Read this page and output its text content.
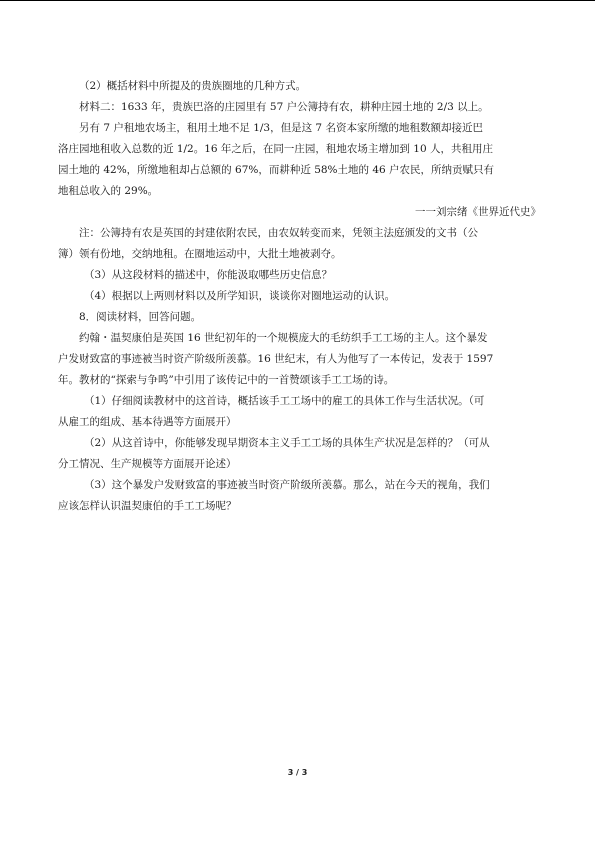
（2）概括材料中所提及的贵族圈地的几种方式。
材料二：1633 年，贵族巴洛的庄园里有 57 户公簿持有农，耕种庄园土地的 2/3 以上。
另有 7 户租地农场主，租用土地不足 1/3，但是这 7 名资本家所缴的地租数额却接近巴
洛庄园地租收入总数的近 1/2。16 年之后，在同一庄园，租地农场主增加到 10 人，共租用庄
园土地的 42%，所缴地租却占总额的 67%，而耕种近 58%土地的 46 户农民，所纳贡赋只有
地租总收入的 29%。
一一刘宗绪《世界近代史》
注：公簿持有农是英国的封建依附农民，由农奴转变而来，凭领主法庭颁发的文书（公
簿）领有份地，交纳地租。在圈地运动中，大批土地被剥夺。
（3）从这段材料的描述中，你能汲取哪些历史信息？
（4）根据以上两则材料以及所学知识，谈谈你对圈地运动的认识。
8．阅读材料，回答问题。
约翰・温契康伯是英国 16 世纪初年的一个规模庞大的毛纺织手工工场的主人。这个暴发
户发财致富的事迹被当时资产阶级所羡慕。16 世纪末，有人为他写了一本传记，发表于 1597
年。教材的“探索与争鸣”中引用了该传记中的一首赞颂该手工工场的诗。
（1）仔细阅读教材中的这首诗，概括该手工工场中的雇工的具体工作与生活状况。（可
从雇工的组成、基本待遇等方面展开）
（2）从这首诗中，你能够发现早期资本主义手工工场的具体生产状况是怎样的？（可从
分工情况、生产规模等方面展开论述）
（3）这个暴发户发财致富的事迹被当时资产阶级所羡慕。那么，站在今天的视角，我们
应该怎样认识温契康伯的手工工场呢？
3 / 3
